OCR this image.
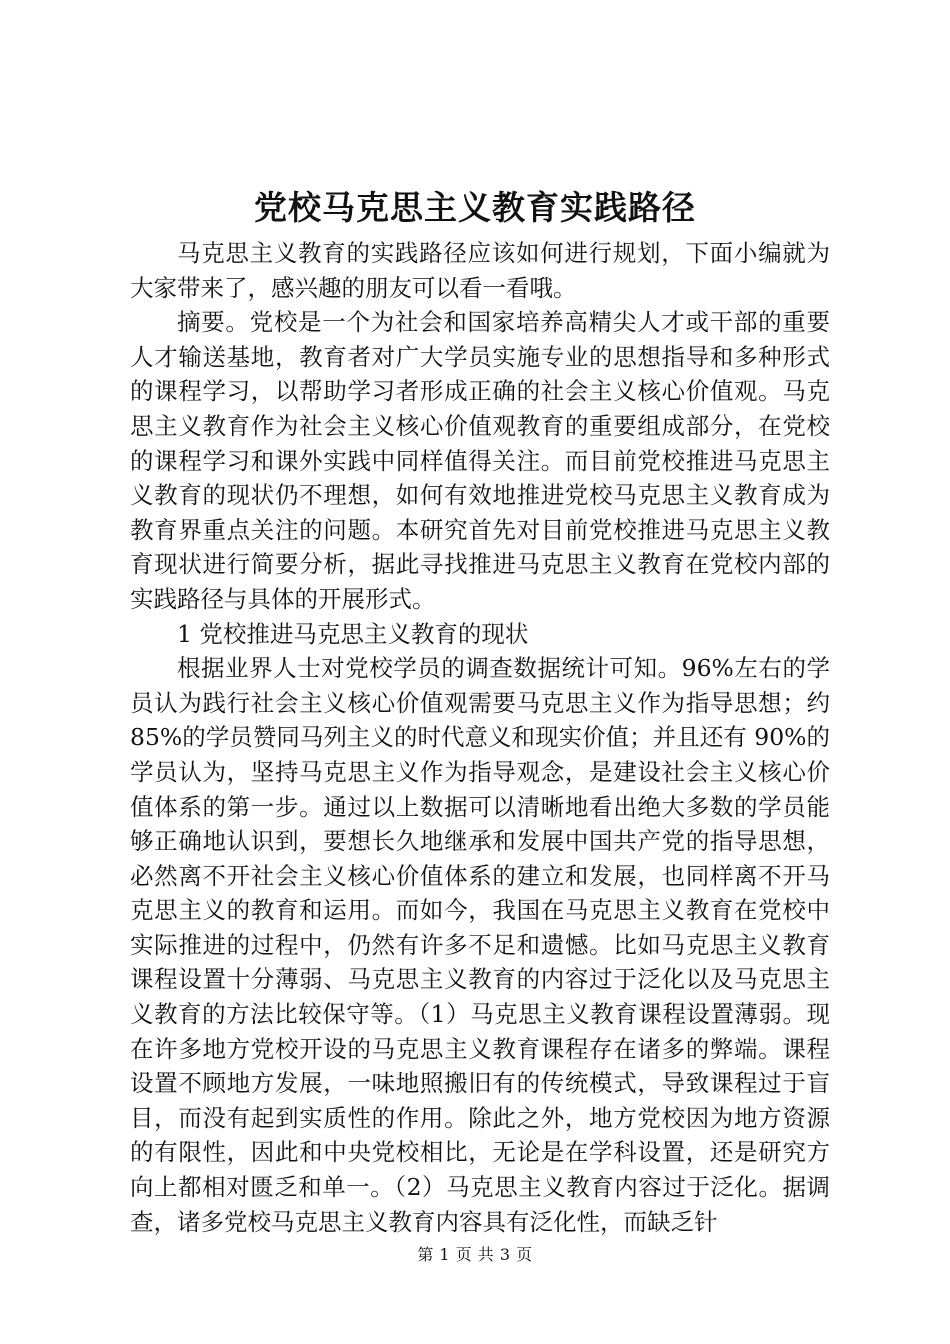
党校马克思主义教育实践路径

马克思主义教育的实践路径应该如何进行规划，下面小编就为大家带来了，感兴趣的朋友可以看一看哦。

摘要。党校是一个为社会和国家培养高精尖人才或干部的重要人才输送基地，教育者对广大学员实施专业的思想指导和多种形式的课程学习，以帮助学习者形成正确的社会主义核心价值观。马克思主义教育作为社会主义核心价值观教育的重要组成部分，在党校的课程学习和课外实践中同样值得关注。而目前党校推进马克思主义教育的现状仍不理想，如何有效地推进党校马克思主义教育成为教育界重点关注的问题。本研究首先对目前党校推进马克思主义教育现状进行简要分析，据此寻找推进马克思主义教育在党校内部的实践路径与具体的开展形式。

1 党校推进马克思主义教育的现状

根据业界人士对党校学员的调查数据统计可知。96%左右的学员认为践行社会主义核心价值观需要马克思主义作为指导思想；约 85%的学员赞同马列主义的时代意义和现实价值；并且还有 90%的学员认为，坚持马克思主义作为指导观念，是建设社会主义核心价值体系的第一步。通过以上数据可以清晰地看出绝大多数的学员能够正确地认识到，要想长久地继承和发展中国共产党的指导思想，必然离不开社会主义核心价值体系的建立和发展，也同样离不开马克思主义的教育和运用。而如今，我国在马克思主义教育在党校中实际推进的过程中，仍然有许多不足和遗憾。比如马克思主义教育课程设置十分薄弱、马克思主义教育的内容过于泛化以及马克思主义教育的方法比较保守等。（1）马克思主义教育课程设置薄弱。现在许多地方党校开设的马克思主义教育课程存在诸多的弊端。课程设置不顾地方发展，一味地照搬旧有的传统模式，导致课程过于盲目，而没有起到实质性的作用。除此之外，地方党校因为地方资源的有限性，因此和中央党校相比，无论是在学科设置，还是研究方向上都相对匮乏和单一。（2）马克思主义教育内容过于泛化。据调查，诸多党校马克思主义教育内容具有泛化性，而缺乏针

第 1 页 共 3 页
